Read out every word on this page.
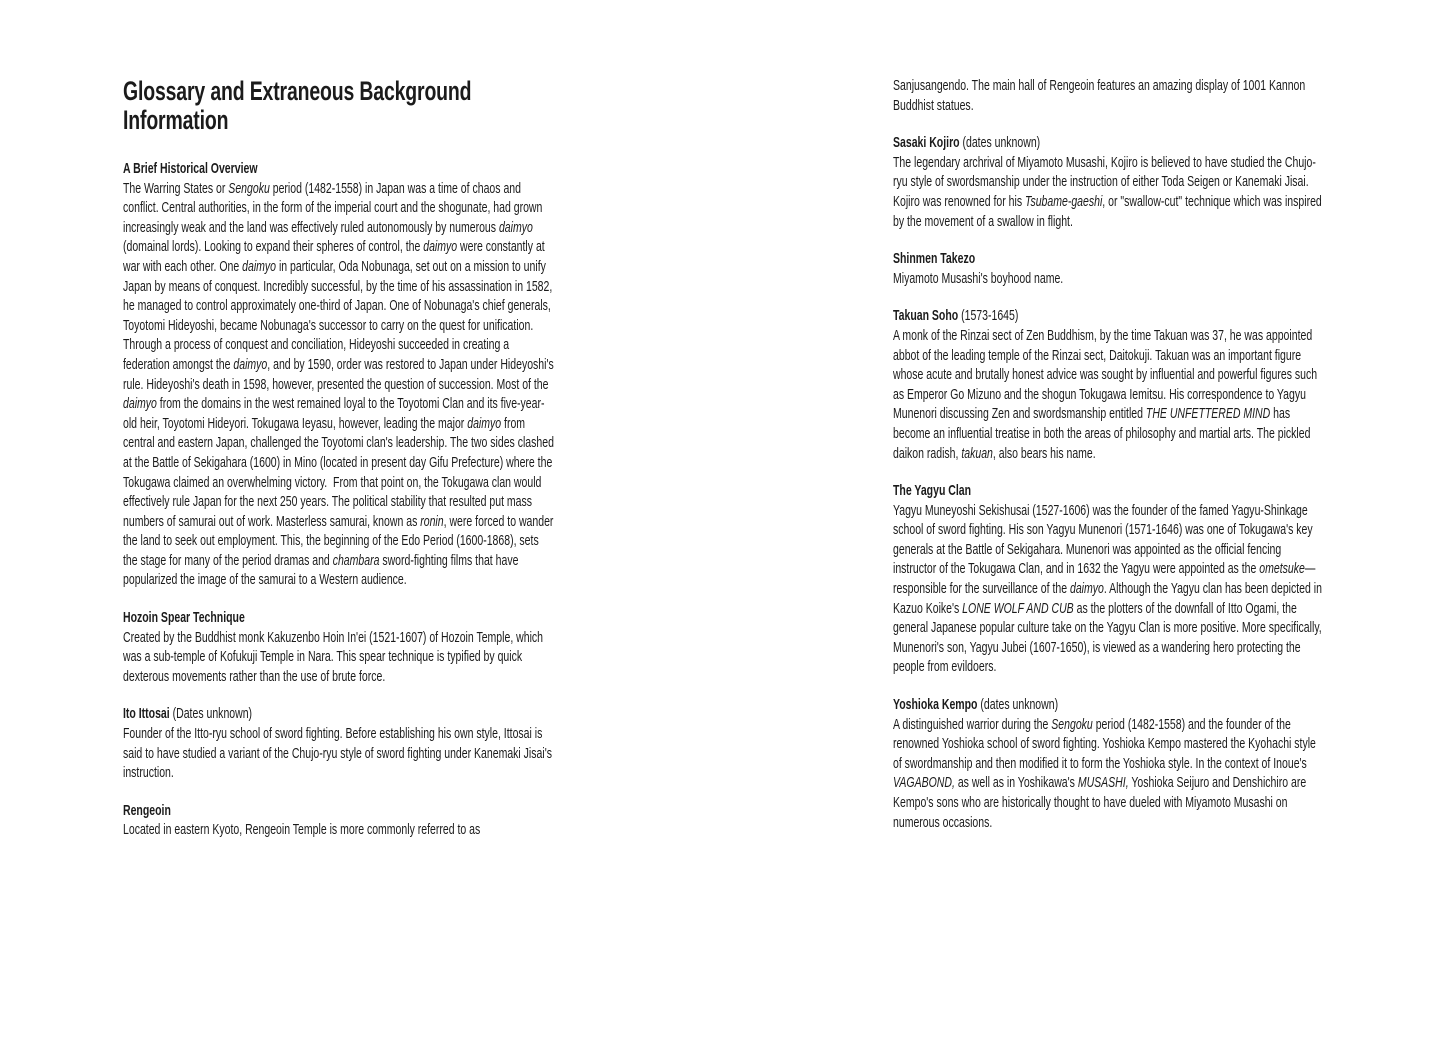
Glossary and Extraneous Background
Information

A Brief Historical Overview

The Warring States or Sengoku period (1482-1558) in Japan was a time of chaos and conflict. Central authorities, in the form of the imperial court and the shogunate, had grown increasingly weak and the land was effectively ruled autonomously by numerous daimyo (domainal lords). Looking to expand their spheres of control, the daimyo were constantly at war with each other. One daimyo in particular, Oda Nobunaga, set out on a mission to unify Japan by means of conquest. Incredibly successful, by the time of his assassination in 1582, he managed to control approximately one-third of Japan. One of Nobunaga's chief generals, Toyotomi Hideyoshi, became Nobunaga's successor to carry on the quest for unification. Through a process of conquest and conciliation, Hideyoshi succeeded in creating a federation amongst the daimyo, and by 1590, order was restored to Japan under Hideyoshi's rule. Hideyoshi's death in 1598, however, presented the question of succession. Most of the daimyo from the domains in the west remained loyal to the Toyotomi Clan and its five-year-old heir, Toyotomi Hideyori. Tokugawa Ieyasu, however, leading the major daimyo from central and eastern Japan, challenged the Toyotomi clan's leadership. The two sides clashed at the Battle of Sekigahara (1600) in Mino (located in present day Gifu Prefecture) where the Tokugawa claimed an overwhelming victory.  From that point on, the Tokugawa clan would effectively rule Japan for the next 250 years. The political stability that resulted put mass numbers of samurai out of work. Masterless samurai, known as ronin, were forced to wander the land to seek out employment. This, the beginning of the Edo Period (1600-1868), sets the stage for many of the period dramas and chambara sword-fighting films that have popularized the image of the samurai to a Western audience.

Hozoin Spear Technique

Created by the Buddhist monk Kakuzenbo Hoin In'ei (1521-1607) of Hozoin Temple, which was a sub-temple of Kofukuji Temple in Nara. This spear technique is typified by quick dexterous movements rather than the use of brute force.

Ito Ittosai (Dates unknown)

Founder of the Itto-ryu school of sword fighting. Before establishing his own style, Ittosai is said to have studied a variant of the Chujo-ryu style of sword fighting under Kanemaki Jisai's instruction.

Rengeoin

Located in eastern Kyoto, Rengeoin Temple is more commonly referred to as

Sanjusangendo. The main hall of Rengeoin features an amazing display of 1001 Kannon Buddhist statues.

Sasaki Kojiro (dates unknown)

The legendary archrival of Miyamoto Musashi, Kojiro is believed to have studied the Chujo-ryu style of swordsmanship under the instruction of either Toda Seigen or Kanemaki Jisai. Kojiro was renowned for his Tsubame-gaeshi, or "swallow-cut" technique which was inspired by the movement of a swallow in flight.

Shinmen Takezo

Miyamoto Musashi's boyhood name.

Takuan Soho (1573-1645)

A monk of the Rinzai sect of Zen Buddhism, by the time Takuan was 37, he was appointed abbot of the leading temple of the Rinzai sect, Daitokuji. Takuan was an important figure whose acute and brutally honest advice was sought by influential and powerful figures such as Emperor Go Mizuno and the shogun Tokugawa Iemitsu. His correspondence to Yagyu Munenori discussing Zen and swordsmanship entitled THE UNFETTERED MIND has become an influential treatise in both the areas of philosophy and martial arts. The pickled daikon radish, takuan, also bears his name.

The Yagyu Clan

Yagyu Muneyoshi Sekishusai (1527-1606) was the founder of the famed Yagyu-Shinkage school of sword fighting. His son Yagyu Munenori (1571-1646) was one of Tokugawa's key generals at the Battle of Sekigahara. Munenori was appointed as the official fencing instructor of the Tokugawa Clan, and in 1632 the Yagyu were appointed as the ometsuke—responsible for the surveillance of the daimyo. Although the Yagyu clan has been depicted in Kazuo Koike's LONE WOLF AND CUB as the plotters of the downfall of Itto Ogami, the general Japanese popular culture take on the Yagyu Clan is more positive. More specifically, Munenori's son, Yagyu Jubei (1607-1650), is viewed as a wandering hero protecting the people from evildoers.

Yoshioka Kempo (dates unknown)

A distinguished warrior during the Sengoku period (1482-1558) and the founder of the renowned Yoshioka school of sword fighting. Yoshioka Kempo mastered the Kyohachi style of swordmanship and then modified it to form the Yoshioka style. In the context of Inoue's VAGABOND, as well as in Yoshikawa's MUSASHI, Yoshioka Seijuro and Denshichiro are Kempo's sons who are historically thought to have dueled with Miyamoto Musashi on numerous occasions.
